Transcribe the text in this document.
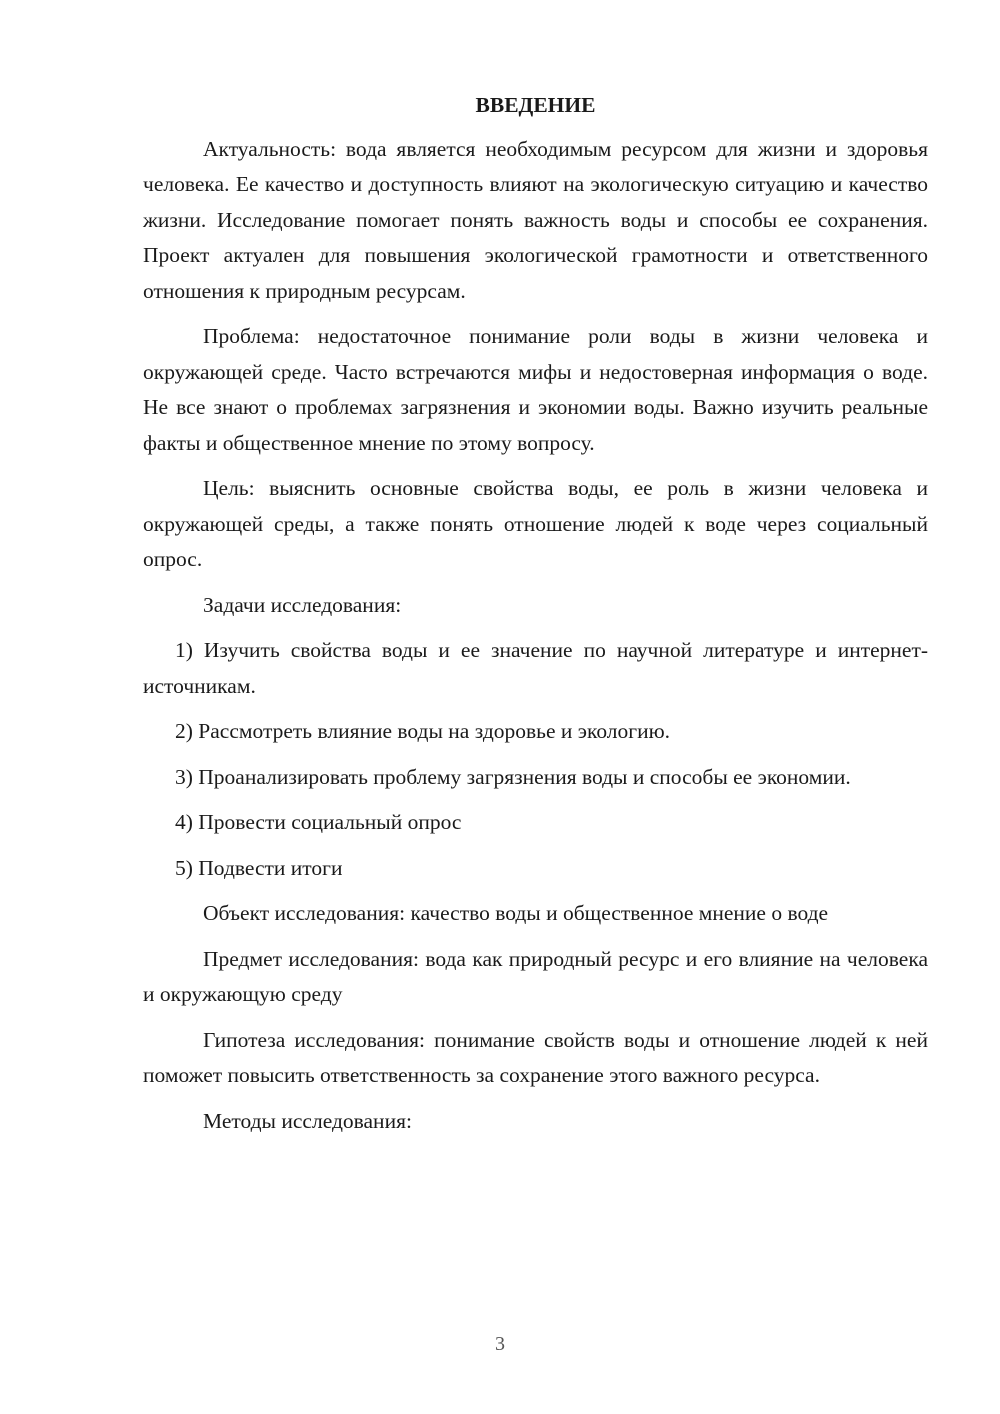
ВВЕДЕНИЕ

Актуальность: вода является необходимым ресурсом для жизни и здоровья человека. Ее качество и доступность влияют на экологическую ситуацию и качество жизни. Исследование помогает понять важность воды и способы ее сохранения. Проект актуален для повышения экологической грамотности и ответственного отношения к природным ресурсам.

Проблема: недостаточное понимание роли воды в жизни человека и окружающей среде. Часто встречаются мифы и недостоверная информация о воде. Не все знают о проблемах загрязнения и экономии воды. Важно изучить реальные факты и общественное мнение по этому вопросу.

Цель: выяснить основные свойства воды, ее роль в жизни человека и окружающей среды, а также понять отношение людей к воде через социальный опрос.

Задачи исследования:

1) Изучить свойства воды и ее значение по научной литературе и интернет-источникам.

2) Рассмотреть влияние воды на здоровье и экологию.

3) Проанализировать проблему загрязнения воды и способы ее экономии.

4) Провести социальный опрос

5) Подвести итоги

Объект исследования: качество воды и общественное мнение о воде

Предмет исследования: вода как природный ресурс и его влияние на человека и окружающую среду

Гипотеза исследования: понимание свойств воды и отношение людей к ней поможет повысить ответственность за сохранение этого важного ресурса.

Методы исследования:

3
